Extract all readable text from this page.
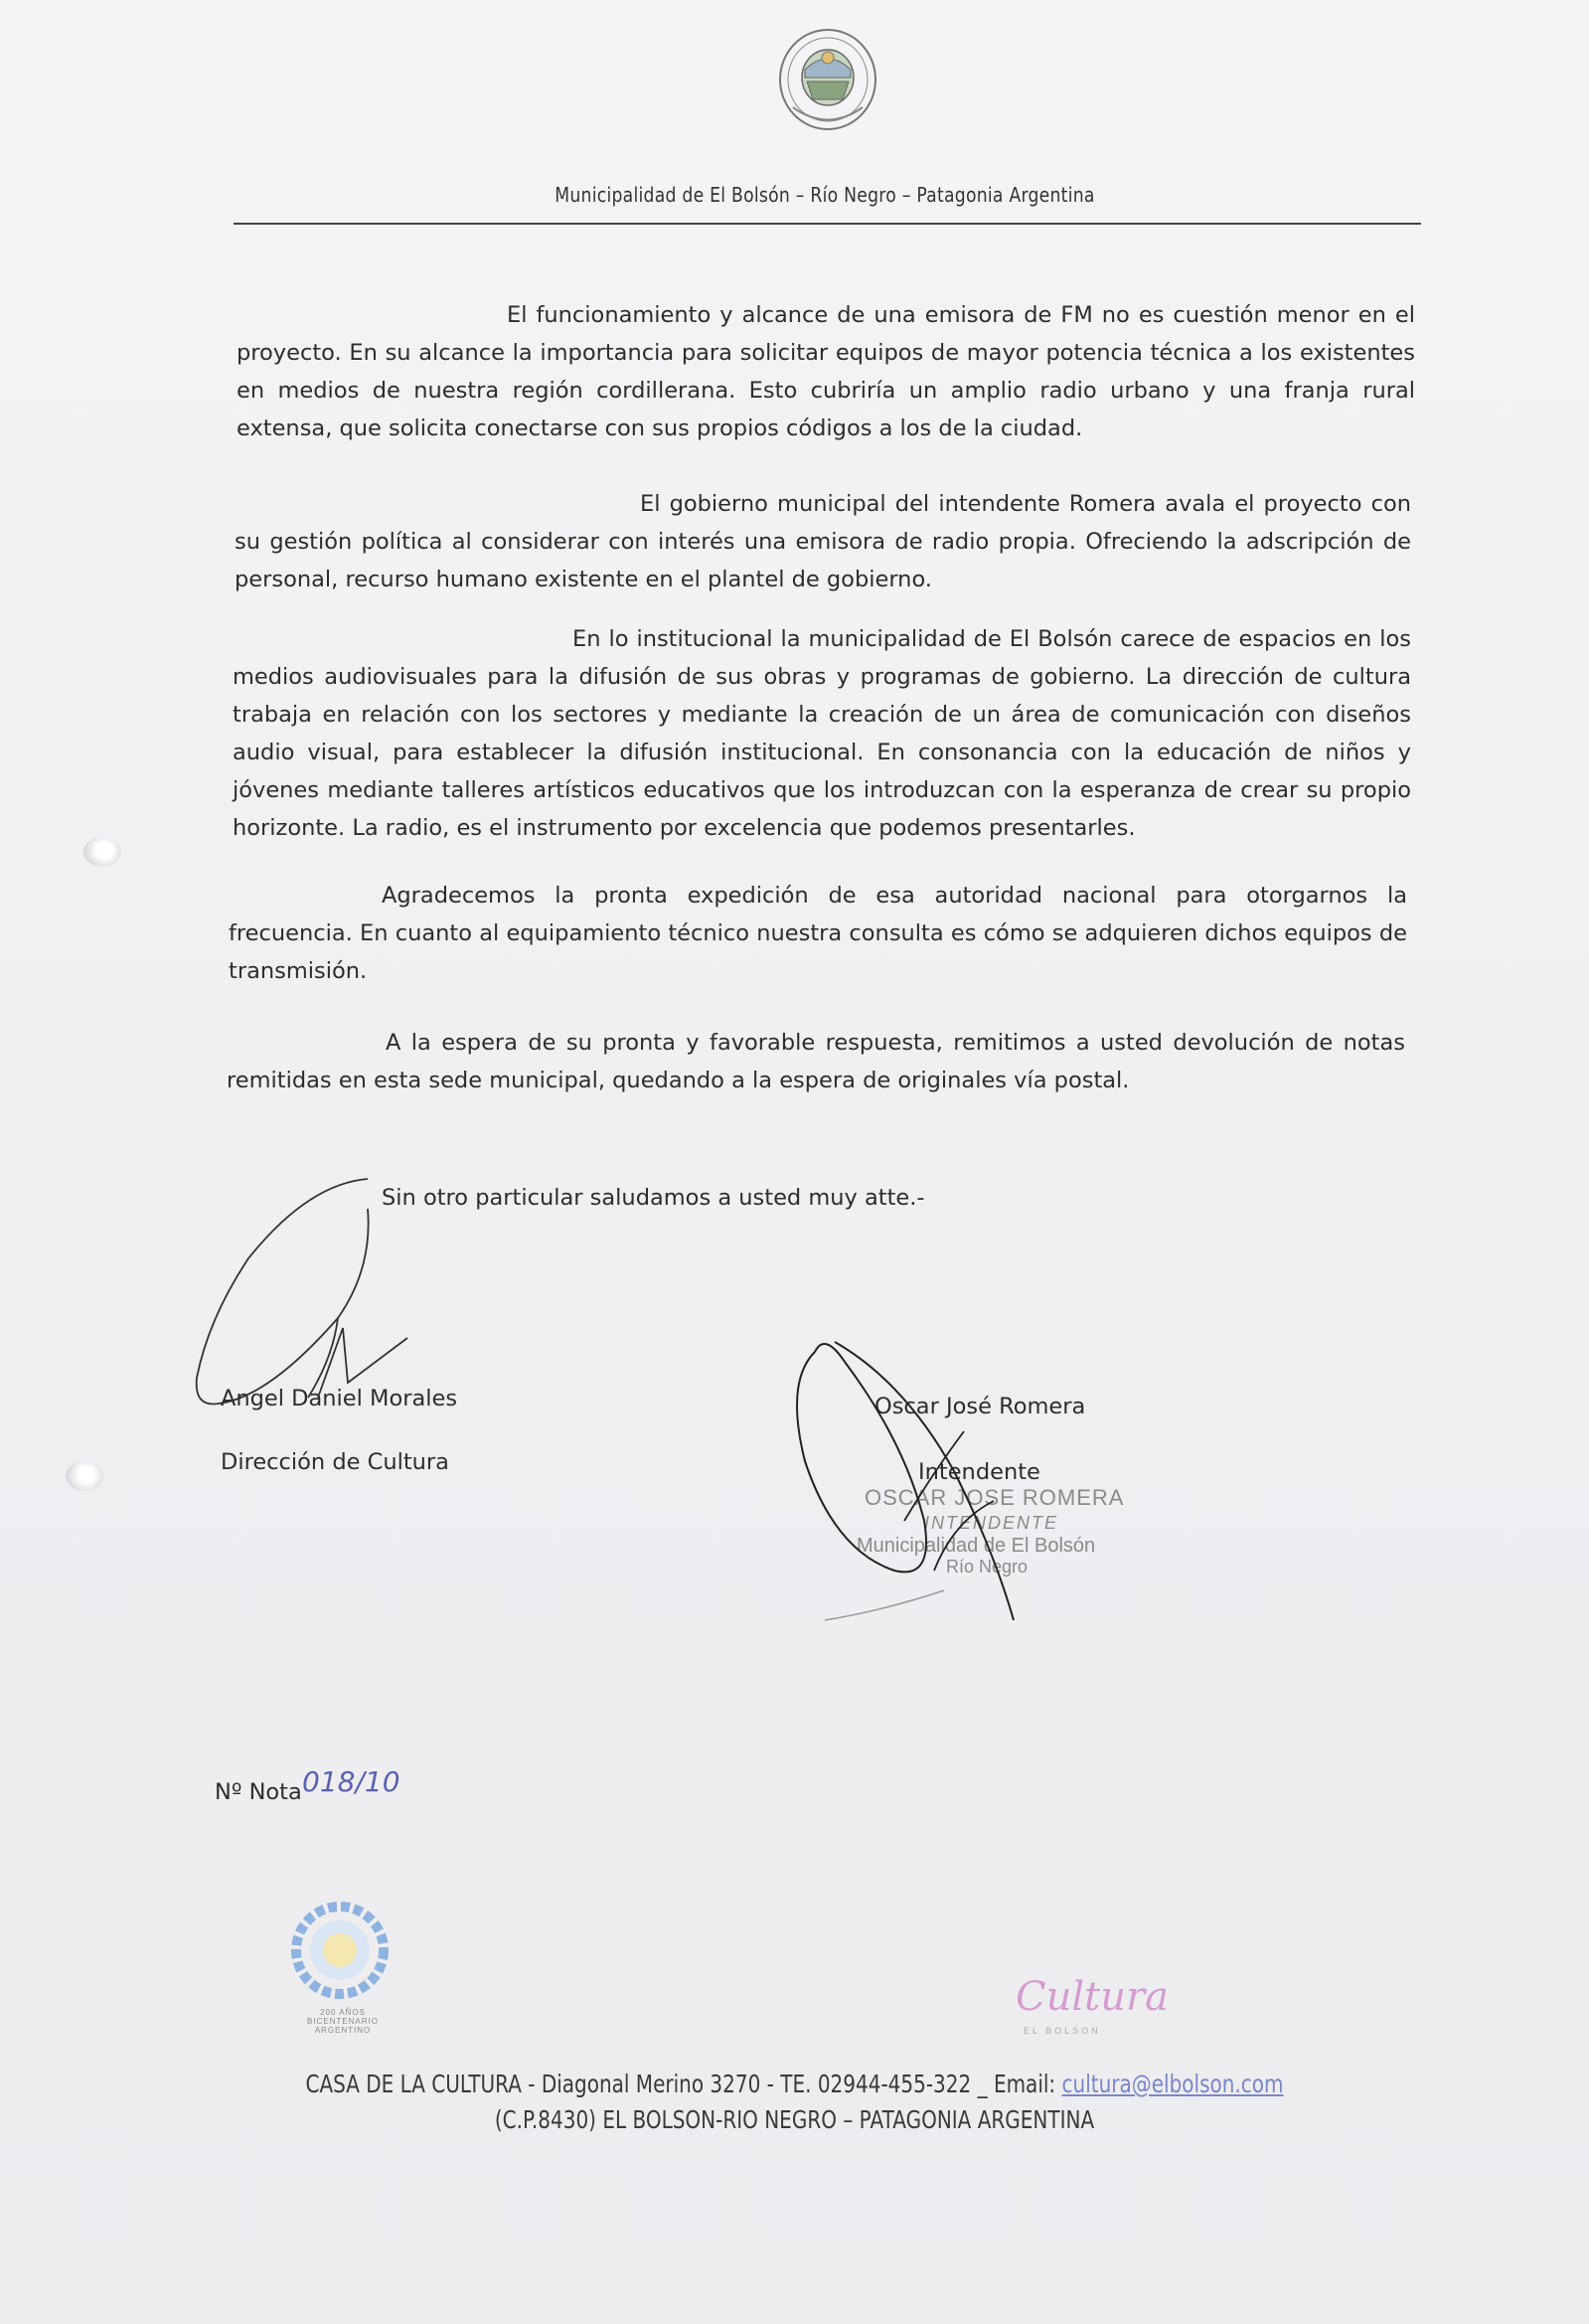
Municipalidad de El Bolsón – Río Negro – Patagonia Argentina
El funcionamiento y alcance de una emisora de FM no es cuestión menor en el proyecto. En su alcance la importancia para solicitar equipos de mayor potencia técnica a los existentes en medios de nuestra región cordillerana. Esto cubriría un amplio radio urbano y una franja rural extensa, que solicita conectarse con sus propios códigos a los de la ciudad.
El gobierno municipal del intendente Romera avala el proyecto con su gestión política al considerar con interés una emisora de radio propia. Ofreciendo la adscripción de personal, recurso humano existente en el plantel de gobierno.
En lo institucional la municipalidad de El Bolsón carece de espacios en los medios audiovisuales para la difusión de sus obras y programas de gobierno. La dirección de cultura trabaja en relación con los sectores y mediante la creación de un área de comunicación con diseños audio visual, para establecer la difusión institucional. En consonancia con la educación de niños y jóvenes mediante talleres artísticos educativos que los introduzcan con la esperanza de crear su propio horizonte. La radio, es el instrumento por excelencia que podemos presentarles.
Agradecemos la pronta expedición de esa autoridad nacional para otorgarnos la frecuencia. En cuanto al equipamiento técnico nuestra consulta es cómo se adquieren dichos equipos de transmisión.
A la espera de su pronta y favorable respuesta, remitimos a usted devolución de notas remitidas en esta sede municipal, quedando a la espera de originales vía postal.
Sin otro particular saludamos a usted muy atte.-
Angel Daniel Morales
Dirección de Cultura
Oscar José Romera
Intendente
OSCAR JOSE ROMERA
INTENDENTE
Municipalidad de El Bolsón
Río Negro
Nº Nota 018/10
200 AÑOS BICENTENARIO ARGENTINO
Cultura
EL BOLSON
CASA DE LA CULTURA - Diagonal Merino 3270 - TE. 02944-455-322 _ Email: cultura@elbolson.com
(C.P.8430) EL BOLSON-RIO NEGRO – PATAGONIA ARGENTINA
